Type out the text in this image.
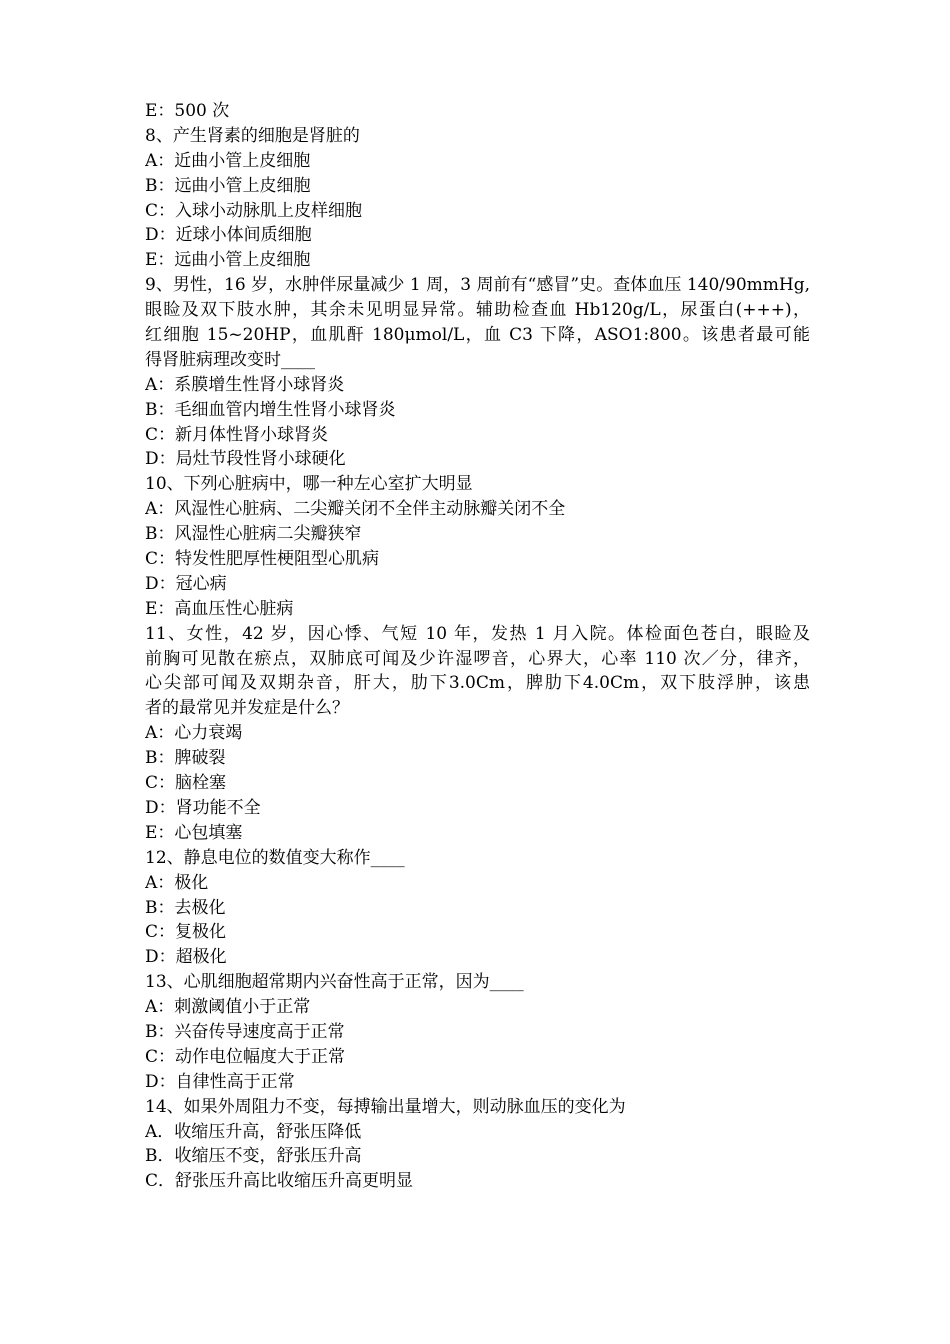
E：500 次
8、产生肾素的细胞是肾脏的
A：近曲小管上皮细胞
B：远曲小管上皮细胞
C：入球小动脉肌上皮样细胞
D：近球小体间质细胞
E：远曲小管上皮细胞
9、男性，16 岁，水肿伴尿量减少 1 周，3 周前有“感冒”史。查体血压 140/90mmHg,
眼睑及双下肢水肿，其余未见明显异常。辅助检查血 Hb120g/L，尿蛋白(+++)，
红细胞 15~20HP，血肌酐 180μmol/L，血 C3 下降，ASO1:800。该患者最可能
得肾脏病理改变时____
A：系膜增生性肾小球肾炎
B：毛细血管内增生性肾小球肾炎
C：新月体性肾小球肾炎
D：局灶节段性肾小球硬化
10、下列心脏病中，哪一种左心室扩大明显
A：风湿性心脏病、二尖瓣关闭不全伴主动脉瓣关闭不全
B：风湿性心脏病二尖瓣狭窄
C：特发性肥厚性梗阻型心肌病
D：冠心病
E：高血压性心脏病
11、女性，42 岁，因心悸、气短 10 年，发热 1 月入院。体检面色苍白，眼睑及
前胸可见散在瘀点，双肺底可闻及少许湿啰音，心界大，心率 110 次／分，律齐，
心尖部可闻及双期杂音，肝大，肋下3.0Cm，脾肋下4.0Cm，双下肢浮肿，该患
者的最常见并发症是什么？
A：心力衰竭
B：脾破裂
C：脑栓塞
D：肾功能不全
E：心包填塞
12、静息电位的数值变大称作____
A：极化
B：去极化
C：复极化
D：超极化
13、心肌细胞超常期内兴奋性高于正常，因为____
A：刺激阈值小于正常
B：兴奋传导速度高于正常
C：动作电位幅度大于正常
D：自律性高于正常
14、如果外周阻力不变，每搏输出量增大，则动脉血压的变化为
A．收缩压升高，舒张压降低
B．收缩压不变，舒张压升高
C．舒张压升高比收缩压升高更明显
